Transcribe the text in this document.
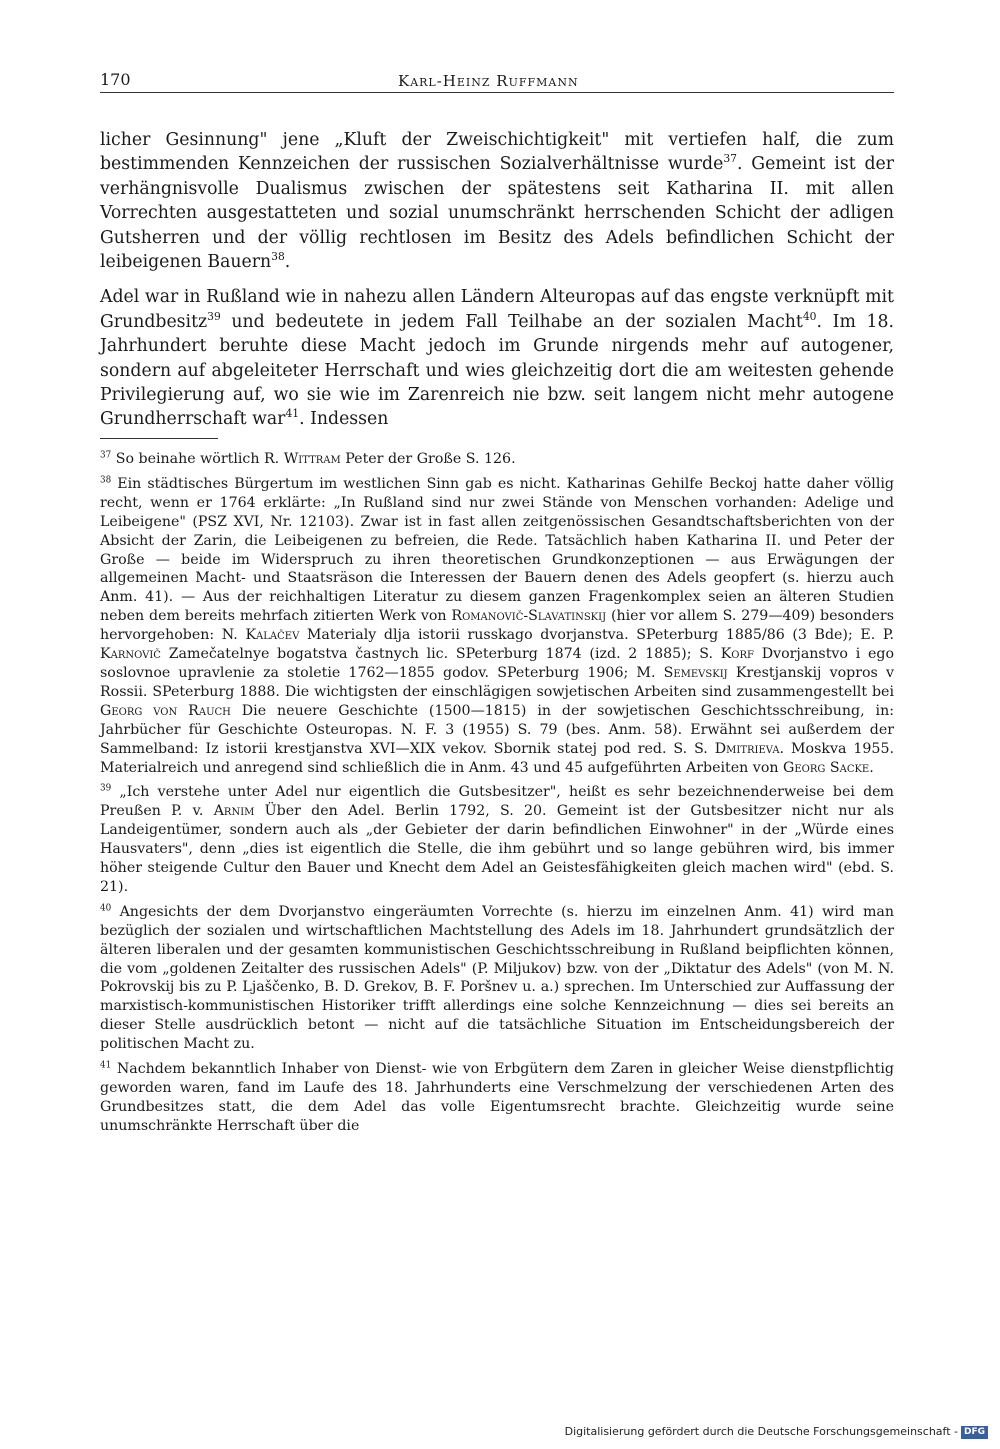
170	Karl-Heinz Ruffmann

licher Gesinnung" jene „Kluft der Zweischichtigkeit" mit vertiefen half, die zum bestimmenden Kennzeichen der russischen Sozialverhältnisse wurde$^{37}$. Gemeint ist der verhängnisvolle Dualismus zwischen der spätestens seit Katharina II. mit allen Vorrechten ausgestatteten und sozial unumschränkt herrschenden Schicht der adligen Gutsherren und der völlig rechtlosen im Besitz des Adels befindlichen Schicht der leibeigenen Bauern$^{38}$.

Adel war in Rußland wie in nahezu allen Ländern Alteuropas auf das engste verknüpft mit Grundbesitz$^{39}$ und bedeutete in jedem Fall Teilhabe an der sozialen Macht$^{40}$. Im 18. Jahrhundert beruhte diese Macht jedoch im Grunde nirgends mehr auf autogener, sondern auf abgeleiteter Herrschaft und wies gleichzeitig dort die am weitesten gehende Privilegierung auf, wo sie wie im Zarenreich nie bzw. seit langem nicht mehr autogene Grundherrschaft war$^{41}$. Indessen

$^{37}$ So beinahe wörtlich R. Wittram Peter der Große S. 126.

$^{38}$ Ein städtisches Bürgertum im westlichen Sinn gab es nicht. Katharinas Gehilfe Beckoj hatte daher völlig recht, wenn er 1764 erklärte: „In Rußland sind nur zwei Stände von Menschen vorhanden: Adelige und Leibeigene" (PSZ XVI, Nr. 12103). Zwar ist in fast allen zeitgenössischen Gesandtschaftsberichten von der Absicht der Zarin, die Leibeigenen zu befreien, die Rede. Tatsächlich haben Katharina II. und Peter der Große — beide im Widerspruch zu ihren theoretischen Grundkonzeptionen — aus Erwägungen der allgemeinen Macht- und Staatsräson die Interessen der Bauern denen des Adels geopfert (s. hierzu auch Anm. 41). — Aus der reichhaltigen Literatur zu diesem ganzen Fragenkomplex seien an älteren Studien neben dem bereits mehrfach zitierten Werk von Romanovič-Slavatinskij (hier vor allem S. 279—409) besonders hervorgehoben: N. Kalačev Materialy dlja istorii russkago dvorjanstva. SPeterburg 1885/86 (3 Bde); E. P. Karnovič Zamečatelnye bogatstva častnych lic. SPeterburg 1874 (izd. 2 1885); S. Korf Dvorjanstvo i ego soslovnoe upravlenie za stoletie 1762—1855 godov. SPeterburg 1906; M. Semevskij Krestjanskij vopros v Rossii. SPeterburg 1888. Die wichtigsten der einschlägigen sowjetischen Arbeiten sind zusammengestellt bei Georg von Rauch Die neuere Geschichte (1500—1815) in der sowjetischen Geschichtsschreibung, in: Jahrbücher für Geschichte Osteuropas. N. F. 3 (1955) S. 79 (bes. Anm. 58). Erwähnt sei außerdem der Sammelband: Iz istorii krestjanstva XVI—XIX vekov. Sbornik statej pod red. S. S. Dmitrieva. Moskva 1955. Materialreich und anregend sind schließlich die in Anm. 43 und 45 aufgeführten Arbeiten von Georg Sacke.

$^{39}$ „Ich verstehe unter Adel nur eigentlich die Gutsbesitzer", heißt es sehr bezeichnenderweise bei dem Preußen P. v. Arnim Über den Adel. Berlin 1792, S. 20. Gemeint ist der Gutsbesitzer nicht nur als Landeigentümer, sondern auch als „der Gebieter der darin befindlichen Einwohner" in der „Würde eines Hausvaters", denn „dies ist eigentlich die Stelle, die ihm gebührt und so lange gebühren wird, bis immer höher steigende Cultur den Bauer und Knecht dem Adel an Geistesfähigkeiten gleich machen wird" (ebd. S. 21).

$^{40}$ Angesichts der dem Dvorjanstvo eingeräumten Vorrechte (s. hierzu im einzelnen Anm. 41) wird man bezüglich der sozialen und wirtschaftlichen Machtstellung des Adels im 18. Jahrhundert grundsätzlich der älteren liberalen und der gesamten kommunistischen Geschichtsschreibung in Rußland beipflichten können, die vom „goldenen Zeitalter des russischen Adels" (P. Miljukov) bzw. von der „Diktatur des Adels" (von M. N. Pokrovskij bis zu P. Ljaščenko, B. D. Grekov, B. F. Poršnev u. a.) sprechen. Im Unterschied zur Auffassung der marxistisch-kommunistischen Historiker trifft allerdings eine solche Kennzeichnung — dies sei bereits an dieser Stelle ausdrücklich betont — nicht auf die tatsächliche Situation im Entscheidungsbereich der politischen Macht zu.

$^{41}$ Nachdem bekanntlich Inhaber von Dienst- wie von Erbgütern dem Zaren in gleicher Weise dienstpflichtig geworden waren, fand im Laufe des 18. Jahrhunderts eine Verschmelzung der verschiedenen Arten des Grundbesitzes statt, die dem Adel das volle Eigentumsrecht brachte. Gleichzeitig wurde seine unumschränkte Herrschaft über die

Digitalisierung gefördert durch die Deutsche Forschungsgemeinschaft - DFG
